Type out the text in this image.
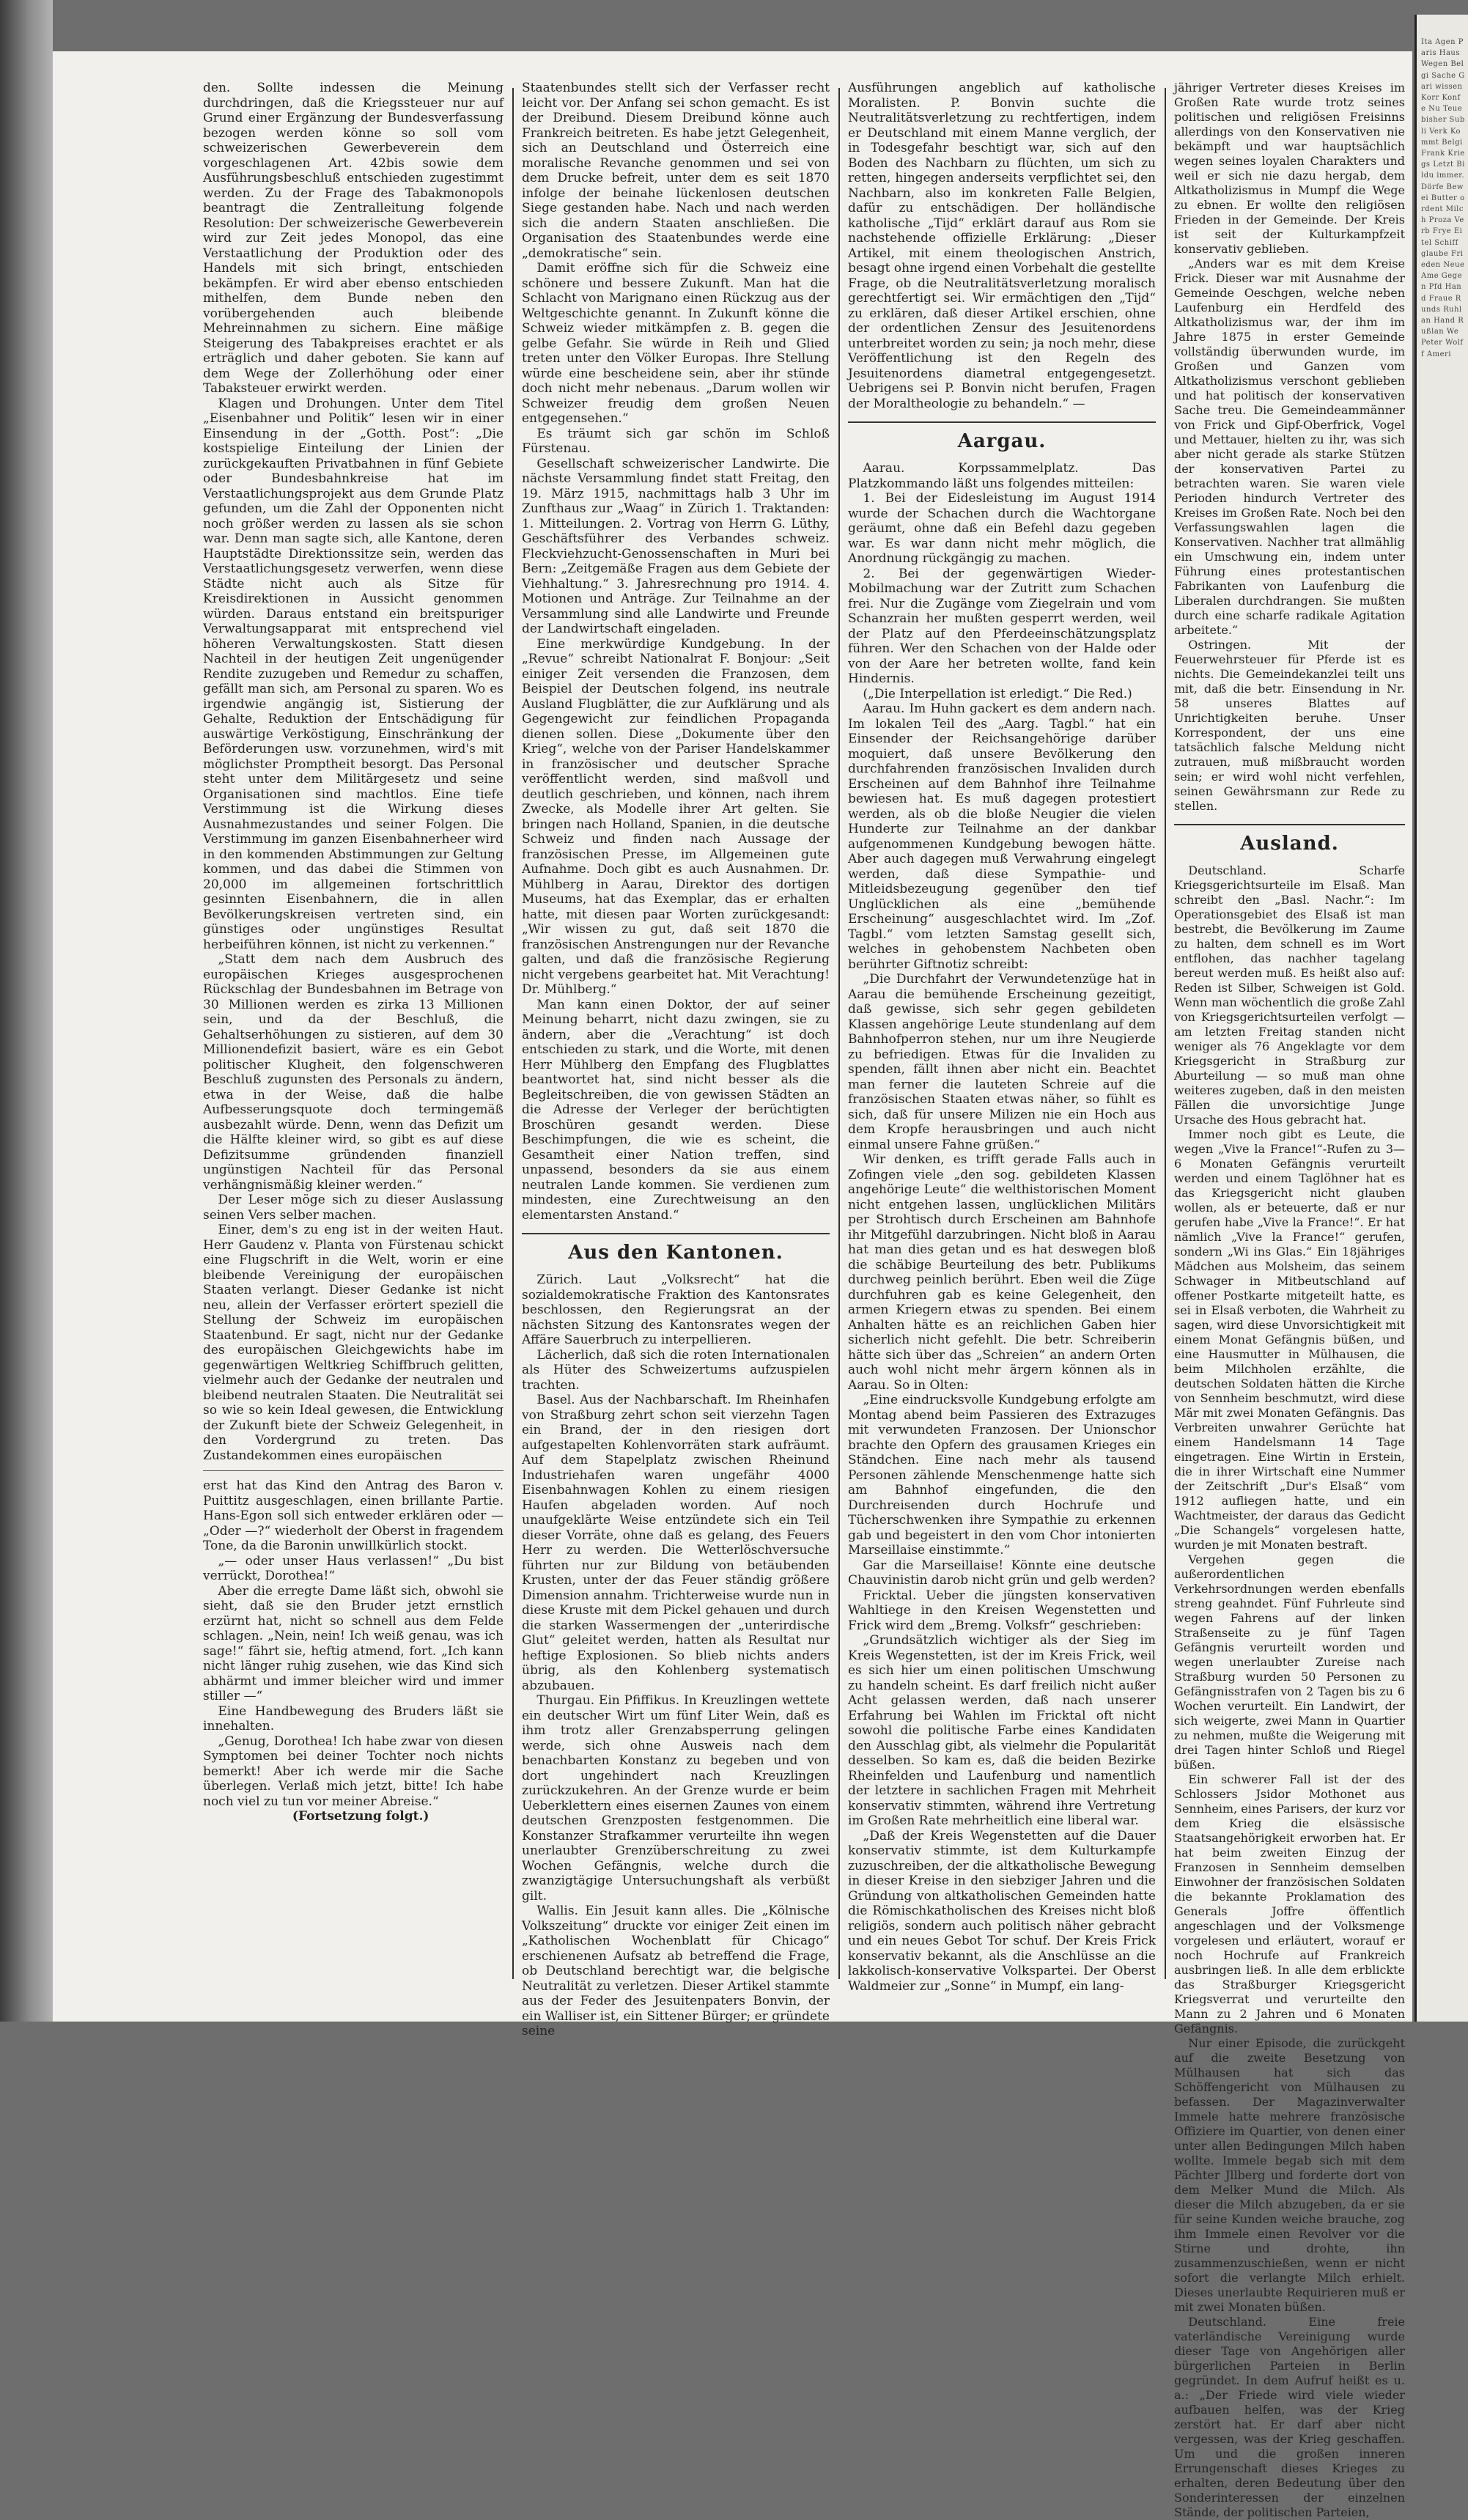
den. Sollte indessen die Meinung durchdringen, daß die Kriegssteuer nur auf Grund einer Ergänzung der Bundesverfassung bezogen werden könne so soll vom schweizerischen Gewerbeverein dem vorgeschlagenen Art. 42bis sowie dem Ausführungsbeschluß entschieden zugestimmt werden. Zu der Frage des Tabakmonopols beantragt die Zentralleitung folgende Resolution: Der schweizerische Gewerbeverein wird zur Zeit jedes Monopol, das eine Verstaatlichung der Produktion oder des Handels mit sich bringt, entschieden bekämpfen. Er wird aber ebenso entschieden mithelfen, dem Bunde neben den vorübergehenden auch bleibende Mehreinnahmen zu sichern. Eine mäßige Steigerung des Tabakpreises erachtet er als erträglich und daher geboten. Sie kann auf dem Wege der Zollerhöhung oder einer Tabaksteuer erwirkt werden.

Klagen und Drohungen. Unter dem Titel „Eisenbahner und Politik“ lesen wir in einer Einsendung in der „Gotth. Post“: „Die kostspielige Einteilung der Linien der zurückgekauften Privatbahnen in fünf Gebiete oder Bundesbahnkreise hat im Verstaatlichungsprojekt aus dem Grunde Platz gefunden, um die Zahl der Opponenten nicht noch größer werden zu lassen als sie schon war. Denn man sagte sich, alle Kantone, deren Hauptstädte Direktionssitze sein, werden das Verstaatlichungsgesetz verwerfen, wenn diese Städte nicht auch als Sitze für Kreisdirektionen in Aussicht genommen würden. Daraus entstand ein breitspuriger Verwaltungsapparat mit entsprechend viel höheren Verwaltungskosten. Statt diesen Nachteil in der heutigen Zeit ungenügender Rendite zuzugeben und Remedur zu schaffen, gefällt man sich, am Personal zu sparen. Wo es irgendwie angängig ist, Sistierung der Gehalte, Reduktion der Entschädigung für auswärtige Verköstigung, Einschränkung der Beförderungen usw. vorzunehmen, wird's mit möglichster Promptheit besorgt. Das Personal steht unter dem Militärgesetz und seine Organisationen sind machtlos. Eine tiefe Verstimmung ist die Wirkung dieses Ausnahmezustandes und seiner Folgen. Die Verstimmung im ganzen Eisenbahnerheer wird in den kommenden Abstimmungen zur Geltung kommen, und das dabei die Stimmen von 20,000 im allgemeinen fortschrittlich gesinnten Eisenbahnern, die in allen Bevölkerungskreisen vertreten sind, ein günstiges oder ungünstiges Resultat herbeiführen können, ist nicht zu verkennen.“

„Statt dem nach dem Ausbruch des europäischen Krieges ausgesprochenen Rückschlag der Bundesbahnen im Betrage von 30 Millionen werden es zirka 13 Millionen sein, und da der Beschluß, die Gehaltserhöhungen zu sistieren, auf dem 30 Millionendefizit basiert, wäre es ein Gebot politischer Klugheit, den folgenschweren Beschluß zugunsten des Personals zu ändern, etwa in der Weise, daß die halbe Aufbesserungsquote doch termingemäß ausbezahlt würde. Denn, wenn das Defizit um die Hälfte kleiner wird, so gibt es auf diese Defizitsumme gründenden finanziell ungünstigen Nachteil für das Personal verhängnismäßig kleiner werden.“

Der Leser möge sich zu dieser Auslassung seinen Vers selber machen.

Einer, dem's zu eng ist in der weiten Haut. Herr Gaudenz v. Planta von Fürstenau schickt eine Flugschrift in die Welt, worin er eine bleibende Vereinigung der europäischen Staaten verlangt. Dieser Gedanke ist nicht neu, allein der Verfasser erörtert speziell die Stellung der Schweiz im europäischen Staatenbund. Er sagt, nicht nur der Gedanke des europäischen Gleichgewichts habe im gegenwärtigen Weltkrieg Schiffbruch gelitten, vielmehr auch der Gedanke der neutralen und bleibend neutralen Staaten. Die Neutralität sei so wie so kein Ideal gewesen, die Entwicklung der Zukunft biete der Schweiz Gelegenheit, in den Vordergrund zu treten. Das Zustandekommen eines europäischen

erst hat das Kind den Antrag des Baron v. Puittitz ausgeschlagen, einen brillante Partie. Hans-Egon soll sich entweder erklären oder — „Oder —?“ wiederholt der Oberst in fragendem Tone, da die Baronin unwillkürlich stockt.

„— oder unser Haus verlassen!“ „Du bist verrückt, Dorothea!“

Aber die erregte Dame läßt sich, obwohl sie sieht, daß sie den Bruder jetzt ernstlich erzürnt hat, nicht so schnell aus dem Felde schlagen. „Nein, nein! Ich weiß genau, was ich sage!“ fährt sie, heftig atmend, fort. „Ich kann nicht länger ruhig zusehen, wie das Kind sich abhärmt und immer bleicher wird und immer stiller —“

Eine Handbewegung des Bruders läßt sie innehalten.

„Genug, Dorothea! Ich habe zwar von diesen Symptomen bei deiner Tochter noch nichts bemerkt! Aber ich werde mir die Sache überlegen. Verlaß mich jetzt, bitte! Ich habe noch viel zu tun vor meiner Abreise.“

(Fortsetzung folgt.)

Staatenbundes stellt sich der Verfasser recht leicht vor. Der Anfang sei schon gemacht. Es ist der Dreibund. Diesem Dreibund könne auch Frankreich beitreten. Es habe jetzt Gelegenheit, sich an Deutschland und Österreich eine moralische Revanche genommen und sei von dem Drucke befreit, unter dem es seit 1870 infolge der beinahe lückenlosen deutschen Siege gestanden habe. Nach und nach werden sich die andern Staaten anschließen. Die Organisation des Staatenbundes werde eine „demokratische“ sein.

Damit eröffne sich für die Schweiz eine schönere und bessere Zukunft. Man hat die Schlacht von Marignano einen Rückzug aus der Weltgeschichte genannt. In Zukunft könne die Schweiz wieder mitkämpfen z. B. gegen die gelbe Gefahr. Sie würde in Reih und Glied treten unter den Völker Europas. Ihre Stellung würde eine bescheidene sein, aber ihr stünde doch nicht mehr nebenaus. „Darum wollen wir Schweizer freudig dem großen Neuen entgegensehen.“

Es träumt sich gar schön im Schloß Fürstenau.

Gesellschaft schweizerischer Landwirte. Die nächste Versammlung findet statt Freitag, den 19. März 1915, nachmittags halb 3 Uhr im Zunfthaus zur „Waag“ in Zürich 1. Traktanden: 1. Mitteilungen. 2. Vortrag von Herrn G. Lüthy, Geschäftsführer des Verbandes schweiz. Fleckviehzucht-Genossenschaften in Muri bei Bern: „Zeitgemäße Fragen aus dem Gebiete der Viehhaltung.“ 3. Jahresrechnung pro 1914. 4. Motionen und Anträge. Zur Teilnahme an der Versammlung sind alle Landwirte und Freunde der Landwirtschaft eingeladen.

Eine merkwürdige Kundgebung. In der „Revue“ schreibt Nationalrat F. Bonjour: „Seit einiger Zeit versenden die Franzosen, dem Beispiel der Deutschen folgend, ins neutrale Ausland Flugblätter, die zur Aufklärung und als Gegengewicht zur feindlichen Propaganda dienen sollen. Diese „Dokumente über den Krieg“, welche von der Pariser Handelskammer in französischer und deutscher Sprache veröffentlicht werden, sind maßvoll und deutlich geschrieben, und können, nach ihrem Zwecke, als Modelle ihrer Art gelten. Sie bringen nach Holland, Spanien, in die deutsche Schweiz und finden nach Aussage der französischen Presse, im Allgemeinen gute Aufnahme. Doch gibt es auch Ausnahmen. Dr. Mühlberg in Aarau, Direktor des dortigen Museums, hat das Exemplar, das er erhalten hatte, mit diesen paar Worten zurückgesandt: „Wir wissen zu gut, daß seit 1870 die französischen Anstrengungen nur der Revanche galten, und daß die französische Regierung nicht vergebens gearbeitet hat. Mit Verachtung! Dr. Mühlberg.“

Man kann einen Doktor, der auf seiner Meinung beharrt, nicht dazu zwingen, sie zu ändern, aber die „Verachtung“ ist doch entschieden zu stark, und die Worte, mit denen Herr Mühlberg den Empfang des Flugblattes beantwortet hat, sind nicht besser als die Begleitschreiben, die von gewissen Städten an die Adresse der Verleger der berüchtigten Broschüren gesandt werden. Diese Beschimpfungen, die wie es scheint, die Gesamtheit einer Nation treffen, sind unpassend, besonders da sie aus einem neutralen Lande kommen. Sie verdienen zum mindesten, eine Zurechtweisung an den elementarsten Anstand.“

Aus den Kantonen.

Zürich. Laut „Volksrecht“ hat die sozialdemokratische Fraktion des Kantonsrates beschlossen, den Regierungsrat an der nächsten Sitzung des Kantonsrates wegen der Affäre Sauerbruch zu interpellieren.

Lächerlich, daß sich die roten Internationalen als Hüter des Schweizertums aufzuspielen trachten.

Basel. Aus der Nachbarschaft. Im Rheinhafen von Straßburg zehrt schon seit vierzehn Tagen ein Brand, der in den riesigen dort aufgestapelten Kohlenvorräten stark aufräumt. Auf dem Stapelplatz zwischen Rheinund Industriehafen waren ungefähr 4000 Eisenbahnwagen Kohlen zu einem riesigen Haufen abgeladen worden. Auf noch unaufgeklärte Weise entzündete sich ein Teil dieser Vorräte, ohne daß es gelang, des Feuers Herr zu werden. Die Wetterlöschversuche führten nur zur Bildung von betäubenden Krusten, unter der das Feuer ständig größere Dimension annahm. Trichterweise wurde nun in diese Kruste mit dem Pickel gehauen und durch die starken Wassermengen der „unterirdische Glut“ geleitet werden, hatten als Resultat nur heftige Explosionen. So blieb nichts anders übrig, als den Kohlenberg systematisch abzubauen.

Thurgau. Ein Pfiffikus. In Kreuzlingen wettete ein deutscher Wirt um fünf Liter Wein, daß es ihm trotz aller Grenzabsperrung gelingen werde, sich ohne Ausweis nach dem benachbarten Konstanz zu begeben und von dort ungehindert nach Kreuzlingen zurückzukehren. An der Grenze wurde er beim Ueberklettern eines eisernen Zaunes von einem deutschen Grenzposten festgenommen. Die Konstanzer Strafkammer verurteilte ihn wegen unerlaubter Grenzüberschreitung zu zwei Wochen Gefängnis, welche durch die zwanzigtägige Untersuchungshaft als verbüßt gilt.

Wallis. Ein Jesuit kann alles. Die „Kölnische Volkszeitung“ druckte vor einiger Zeit einen im „Katholischen Wochenblatt für Chicago“ erschienenen Aufsatz ab betreffend die Frage, ob Deutschland berechtigt war, die belgische Neutralität zu verletzen. Dieser Artikel stammte aus der Feder des Jesuitenpaters Bonvin, der ein Walliser ist, ein Sittener Bürger; er gründete seine

Ausführungen angeblich auf katholische Moralisten. P. Bonvin suchte die Neutralitätsverletzung zu rechtfertigen, indem er Deutschland mit einem Manne verglich, der in Todesgefahr beschtigt war, sich auf den Boden des Nachbarn zu flüchten, um sich zu retten, hingegen anderseits verpflichtet sei, den Nachbarn, also im konkreten Falle Belgien, dafür zu entschädigen. Der holländische katholische „Tijd“ erklärt darauf aus Rom sie nachstehende offizielle Erklärung: „Dieser Artikel, mit einem theologischen Anstrich, besagt ohne irgend einen Vorbehalt die gestellte Frage, ob die Neutralitätsverletzung moralisch gerechtfertigt sei. Wir ermächtigen den „Tijd“ zu erklären, daß dieser Artikel erschien, ohne der ordentlichen Zensur des Jesuitenordens unterbreitet worden zu sein; ja noch mehr, diese Veröffentlichung ist den Regeln des Jesuitenordens diametral entgegengesetzt. Uebrigens sei P. Bonvin nicht berufen, Fragen der Moraltheologie zu behandeln.“ —

Aargau.

Aarau. Korpssammelplatz. Das Platzkommando läßt uns folgendes mitteilen:

1. Bei der Eidesleistung im August 1914 wurde der Schachen durch die Wachtorgane geräumt, ohne daß ein Befehl dazu gegeben war. Es war dann nicht mehr möglich, die Anordnung rückgängig zu machen.

2. Bei der gegenwärtigen Wieder-Mobilmachung war der Zutritt zum Schachen frei. Nur die Zugänge vom Ziegelrain und vom Schanzrain her mußten gesperrt werden, weil der Platz auf den Pferdeeinschätzungsplatz führen. Wer den Schachen von der Halde oder von der Aare her betreten wollte, fand kein Hindernis.

(„Die Interpellation ist erledigt.“ Die Red.)

Aarau. Im Huhn gackert es dem andern nach. Im lokalen Teil des „Aarg. Tagbl.“ hat ein Einsender der Reichsangehörige darüber moquiert, daß unsere Bevölkerung den durchfahrenden französischen Invaliden durch Erscheinen auf dem Bahnhof ihre Teilnahme bewiesen hat. Es muß dagegen protestiert werden, als ob die bloße Neugier die vielen Hunderte zur Teilnahme an der dankbar aufgenommenen Kundgebung bewogen hätte. Aber auch dagegen muß Verwahrung eingelegt werden, daß diese Sympathie- und Mitleidsbezeugung gegenüber den tief Unglücklichen als eine „bemühende Erscheinung“ ausgeschlachtet wird. Im „Zof. Tagbl.“ vom letzten Samstag gesellt sich, welches in gehobenstem Nachbeten oben berührter Giftnotiz schreibt:

„Die Durchfahrt der Verwundetenzüge hat in Aarau die bemühende Erscheinung gezeitigt, daß gewisse, sich sehr gegen gebildeten Klassen angehörige Leute stundenlang auf dem Bahnhofperron stehen, nur um ihre Neugierde zu befriedigen. Etwas für die Invaliden zu spenden, fällt ihnen aber nicht ein. Beachtet man ferner die lauteten Schreie auf die französischen Staaten etwas näher, so fühlt es sich, daß für unsere Milizen nie ein Hoch aus dem Kropfe herausbringen und auch nicht einmal unsere Fahne grüßen.“

Wir denken, es trifft gerade Falls auch in Zofingen viele „den sog. gebildeten Klassen angehörige Leute“ die welthistorischen Moment nicht entgehen lassen, unglücklichen Militärs per Strohtisch durch Erscheinen am Bahnhofe ihr Mitgefühl darzubringen. Nicht bloß in Aarau hat man dies getan und es hat deswegen bloß die schäbige Beurteilung des betr. Publikums durchweg peinlich berührt. Eben weil die Züge durchfuhren gab es keine Gelegenheit, den armen Kriegern etwas zu spenden. Bei einem Anhalten hätte es an reichlichen Gaben hier sicherlich nicht gefehlt. Die betr. Schreiberin hätte sich über das „Schreien“ an andern Orten auch wohl nicht mehr ärgern können als in Aarau. So in Olten:

„Eine eindrucksvolle Kundgebung erfolgte am Montag abend beim Passieren des Extrazuges mit verwundeten Franzosen. Der Unionschor brachte den Opfern des grausamen Krieges ein Ständchen. Eine nach mehr als tausend Personen zählende Menschenmenge hatte sich am Bahnhof eingefunden, die den Durchreisenden durch Hochrufe und Tücherschwenken ihre Sympathie zu erkennen gab und begeistert in den vom Chor intonierten Marseillaise einstimmte.“

Gar die Marseillaise! Könnte eine deutsche Chauvinistin darob nicht grün und gelb werden?

Fricktal. Ueber die jüngsten konservativen Wahltiege in den Kreisen Wegenstetten und Frick wird dem „Bremg. Volksfr“ geschrieben:

„Grundsätzlich wichtiger als der Sieg im Kreis Wegenstetten, ist der im Kreis Frick, weil es sich hier um einen politischen Umschwung zu handeln scheint. Es darf freilich nicht außer Acht gelassen werden, daß nach unserer Erfahrung bei Wahlen im Fricktal oft nicht sowohl die politische Farbe eines Kandidaten den Ausschlag gibt, als vielmehr die Popularität desselben. So kam es, daß die beiden Bezirke Rheinfelden und Laufenburg und namentlich der letztere in sachlichen Fragen mit Mehrheit konservativ stimmten, während ihre Vertretung im Großen Rate mehrheitlich eine liberal war.

„Daß der Kreis Wegenstetten auf die Dauer konservativ stimmte, ist dem Kulturkampfe zuzuschreiben, der die altkatholische Bewegung in dieser Kreise in den siebziger Jahren und die Gründung von altkatholischen Gemeinden hatte die Römischkatholischen des Kreises nicht bloß religiös, sondern auch politisch näher gebracht und ein neues Gebot Tor schuf. Der Kreis Frick konservativ bekannt, als die Anschlüsse an die lakkolisch-konservative Volkspartei. Der Oberst Waldmeier zur „Sonne“ in Mumpf, ein lang-

jähriger Vertreter dieses Kreises im Großen Rate wurde trotz seines politischen und religiösen Freisinns allerdings von den Konservativen nie bekämpft und war hauptsächlich wegen seines loyalen Charakters und weil er sich nie dazu hergab, dem Altkatholizismus in Mumpf die Wege zu ebnen. Er wollte den religiösen Frieden in der Gemeinde. Der Kreis ist seit der Kulturkampfzeit konservativ geblieben.

„Anders war es mit dem Kreise Frick. Dieser war mit Ausnahme der Gemeinde Oeschgen, welche neben Laufenburg ein Herdfeld des Altkatholizismus war, der ihm im Jahre 1875 in erster Gemeinde vollständig überwunden wurde, im Großen und Ganzen vom Altkatholizismus verschont geblieben und hat politisch der konservativen Sache treu. Die Gemeindeammänner von Frick und Gipf-Oberfrick, Vogel und Mettauer, hielten zu ihr, was sich aber nicht gerade als starke Stützen der konservativen Partei zu betrachten waren. Sie waren viele Perioden hindurch Vertreter des Kreises im Großen Rate. Noch bei den Verfassungswahlen lagen die Konservativen. Nachher trat allmählig ein Umschwung ein, indem unter Führung eines protestantischen Fabrikanten von Laufenburg die Liberalen durchdrangen. Sie mußten durch eine scharfe radikale Agitation arbeitete.“

Ostringen. Mit der Feuerwehrsteuer für Pferde ist es nichts. Die Gemeindekanzlei teilt uns mit, daß die betr. Einsendung in Nr. 58 unseres Blattes auf Unrichtigkeiten beruhe. Unser Korrespondent, der uns eine tatsächlich falsche Meldung nicht zutrauen, muß mißbraucht worden sein; er wird wohl nicht verfehlen, seinen Gewährsmann zur Rede zu stellen.

Ausland.

Deutschland. Scharfe Kriegsgerichtsurteile im Elsaß. Man schreibt den „Basl. Nachr.“: Im Operationsgebiet des Elsaß ist man bestrebt, die Bevölkerung im Zaume zu halten, dem schnell es im Wort entflohen, das nachher tagelang bereut werden muß. Es heißt also auf: Reden ist Silber, Schweigen ist Gold. Wenn man wöchentlich die große Zahl von Kriegsgerichtsurteilen verfolgt — am letzten Freitag standen nicht weniger als 76 Angeklagte vor dem Kriegsgericht in Straßburg zur Aburteilung — so muß man ohne weiteres zugeben, daß in den meisten Fällen die unvorsichtige Junge Ursache des Hous gebracht hat.

Immer noch gibt es Leute, die wegen „Vive la France!“-Rufen zu 3—6 Monaten Gefängnis verurteilt werden und einem Taglöhner hat es das Kriegsgericht nicht glauben wollen, als er beteuerte, daß er nur gerufen habe „Vive la France!“. Er hat nämlich „Vive la France!“ gerufen, sondern „Wi ins Glas.“ Ein 18jähriges Mädchen aus Molsheim, das seinem Schwager in Mitbeutschland auf offener Postkarte mitgeteilt hatte, es sei in Elsaß verboten, die Wahrheit zu sagen, wird diese Unvorsichtigkeit mit einem Monat Gefängnis büßen, und eine Hausmutter in Mülhausen, die beim Milchholen erzählte, die deutschen Soldaten hätten die Kirche von Sennheim beschmutzt, wird diese Mär mit zwei Monaten Gefängnis. Das Verbreiten unwahrer Gerüchte hat einem Handelsmann 14 Tage eingetragen. Eine Wirtin in Erstein, die in ihrer Wirtschaft eine Nummer der Zeitschrift „Dur's Elsaß“ vom 1912 aufliegen hatte, und ein Wachtmeister, der daraus das Gedicht „Die Schangels“ vorgelesen hatte, wurden je mit Monaten bestraft.

Vergehen gegen die außerordentlichen Verkehrsordnungen werden ebenfalls streng geahndet. Fünf Fuhrleute sind wegen Fahrens auf der linken Straßenseite zu je fünf Tagen Gefängnis verurteilt worden und wegen unerlaubter Zureise nach Straßburg wurden 50 Personen zu Gefängnisstrafen von 2 Tagen bis zu 6 Wochen verurteilt. Ein Landwirt, der sich weigerte, zwei Mann in Quartier zu nehmen, mußte die Weigerung mit drei Tagen hinter Schloß und Riegel büßen.

Ein schwerer Fall ist der des Schlossers Jsidor Mothonet aus Sennheim, eines Parisers, der kurz vor dem Krieg die elsässische Staatsangehörigkeit erworben hat. Er hat beim zweiten Einzug der Franzosen in Sennheim demselben Einwohner der französischen Soldaten die bekannte Proklamation des Generals Joffre öffentlich angeschlagen und der Volksmenge vorgelesen und erläutert, worauf er noch Hochrufe auf Frankreich ausbringen ließ. In alle dem erblickte das Straßburger Kriegsgericht Kriegsverrat und verurteilte den Mann zu 2 Jahren und 6 Monaten Gefängnis.

Nur einer Episode, die zurückgeht auf die zweite Besetzung von Mülhausen hat sich das Schöffengericht von Mülhausen zu befassen. Der Magazinverwalter Immele hatte mehrere französische Offiziere im Quartier, von denen einer unter allen Bedingungen Milch haben wollte. Immele begab sich mit dem Pächter Jllberg und forderte dort von dem Melker Mund die Milch. Als dieser die Milch abzugeben, da er sie für seine Kunden weiche brauche, zog ihm Immele einen Revolver vor die Stirne und drohte, ihn zusammenzuschießen, wenn er nicht sofort die verlangte Milch erhielt. Dieses unerlaubte Requirieren muß er mit zwei Monaten büßen.

Deutschland. Eine freie vaterländische Vereinigung wurde dieser Tage von Angehörigen aller bürgerlichen Parteien in Berlin gegründet. In dem Aufruf heißt es u. a.: „Der Friede wird viele wieder aufbauen helfen, was der Krieg zerstört hat. Er darf aber nicht vergessen, was der Krieg geschaffen. Um und die großen inneren Errungenschaft dieses Krieges zu erhalten, deren Bedeutung über den Sonderinteressen der einzelnen Stände, der politischen Parteien,

Ita Agen Paris Haus Wegen Belgi Sache Gari wissen Korr Konfe Nu Teue bisher Subli Verk Kommt Belgi Frank Kriegs Letzt Bildu immer. Dörfe Bewei Butter ordent Milch Proza Verb Frye Eitel Schiff glaube Frieden Neue Ame Gegen Pfd Hand Fraue Runds Ruhlan Hand Rußlan We Peter Wolff Ameri
